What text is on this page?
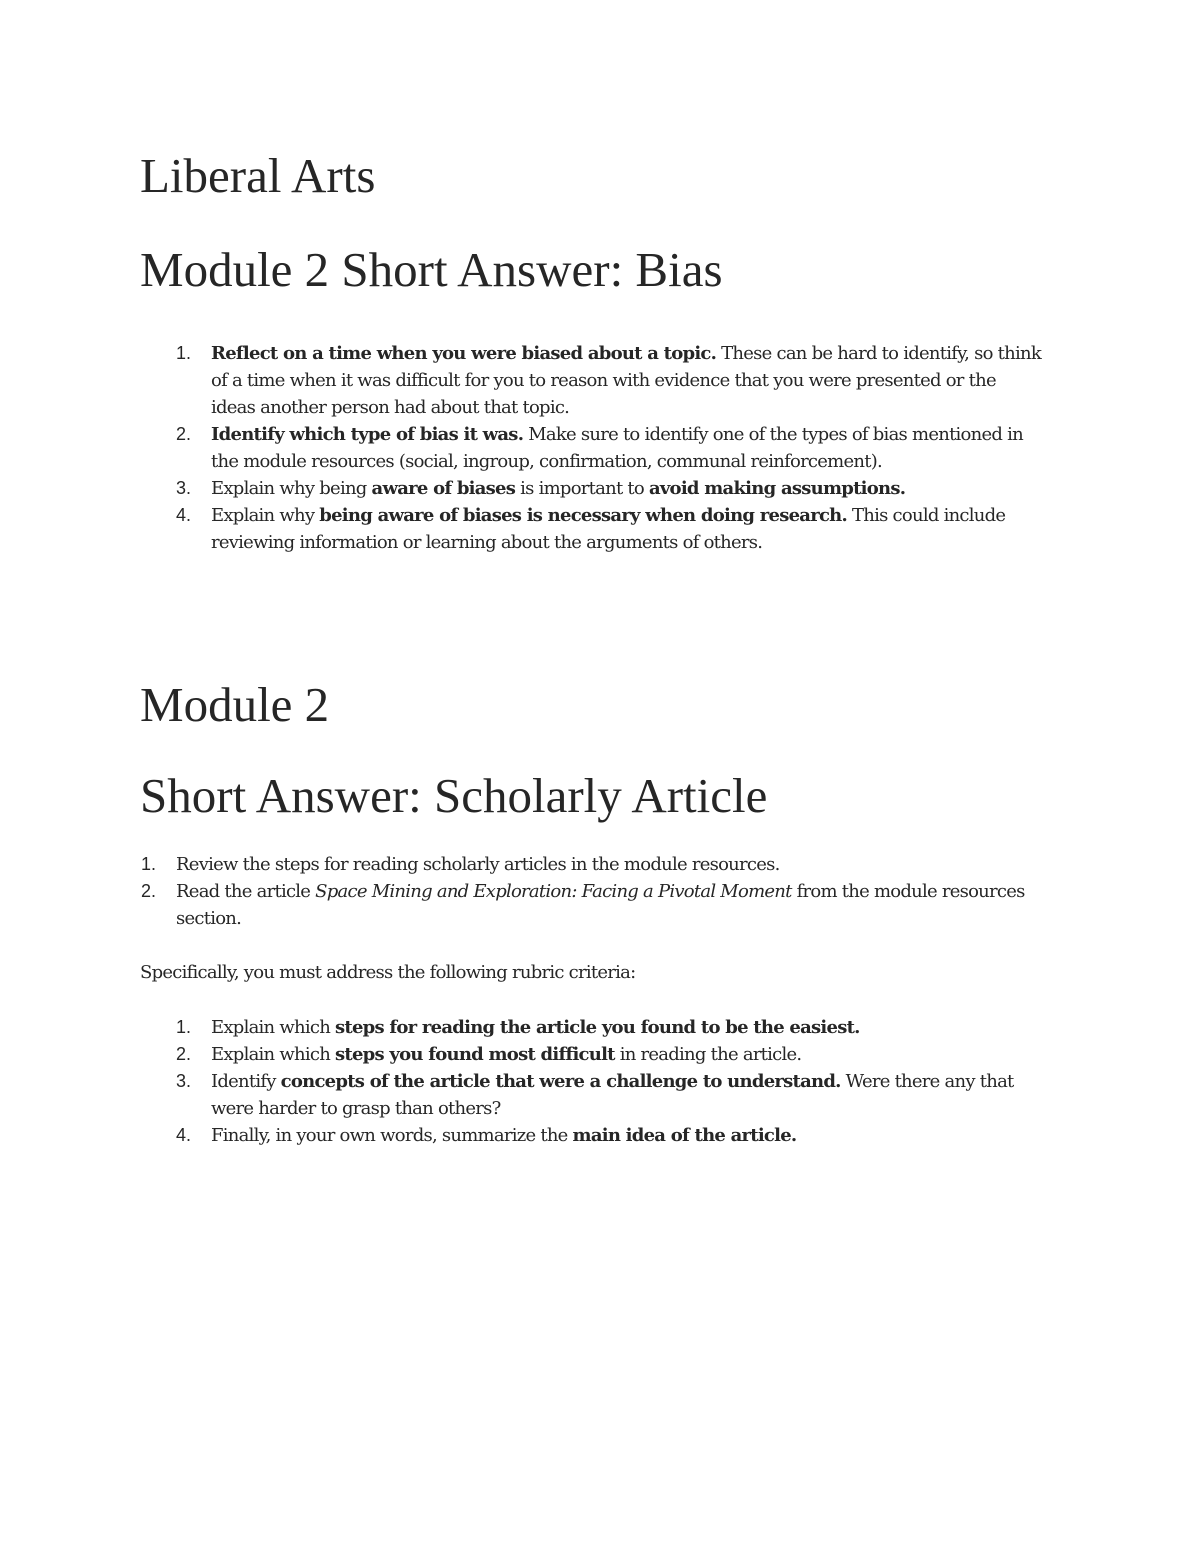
Liberal Arts
Module 2 Short Answer: Bias
1. Reflect on a time when you were biased about a topic. These can be hard to identify, so think of a time when it was difficult for you to reason with evidence that you were presented or the ideas another person had about that topic.
2. Identify which type of bias it was. Make sure to identify one of the types of bias mentioned in the module resources (social, ingroup, confirmation, communal reinforcement).
3. Explain why being aware of biases is important to avoid making assumptions.
4. Explain why being aware of biases is necessary when doing research. This could include reviewing information or learning about the arguments of others.
Module 2
Short Answer: Scholarly Article
1. Review the steps for reading scholarly articles in the module resources.
2. Read the article Space Mining and Exploration: Facing a Pivotal Moment from the module resources section.

Specifically, you must address the following rubric criteria:

1. Explain which steps for reading the article you found to be the easiest.
2. Explain which steps you found most difficult in reading the article.
3. Identify concepts of the article that were a challenge to understand. Were there any that were harder to grasp than others?
4. Finally, in your own words, summarize the main idea of the article.
